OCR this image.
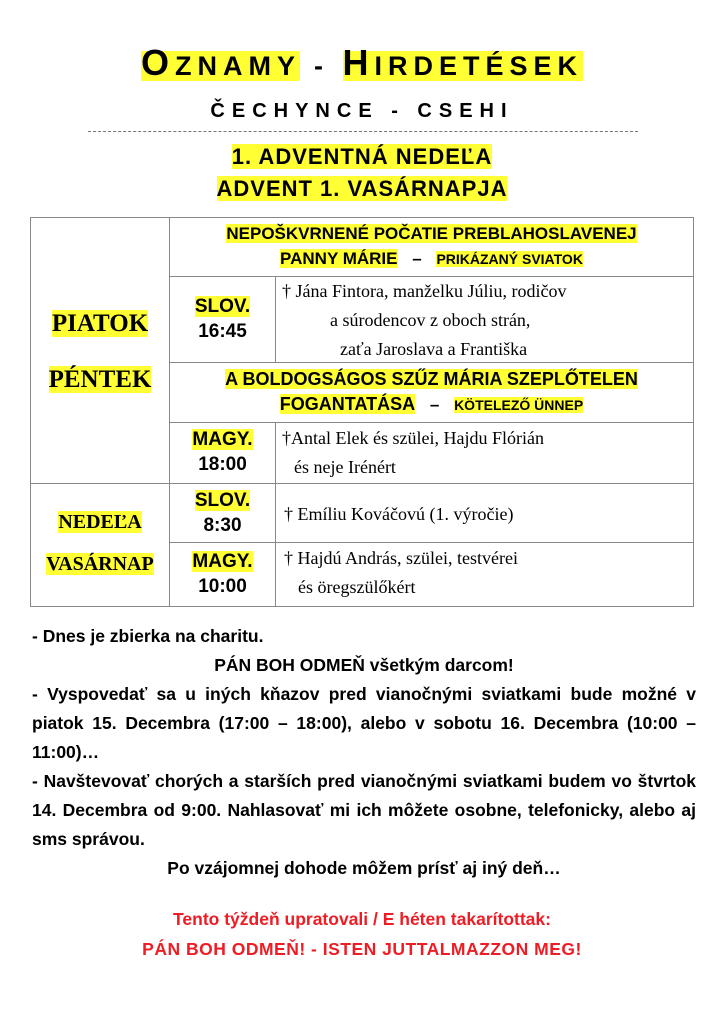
OZNAMY - HIRDETÉSEK
ČECHYNCE - CSEHI
1. ADVENTNÁ NEDEĽA
ADVENT 1. VASÁRNAPJA
PIATOK
PÉNTEK
NEDEĽA
VASÁRNAP
NEPOŠKVRNENÉ POČATIE PREBLAHOSLAVENEJ
PANNY MÁRIE – PRIKÁZANÝ SVIATOK
SLOV.
16:45
† Jána Fintora, manželku Júliu, rodičov
a súrodencov z oboch strán,
zaťa Jaroslava a Františka
A BOLDOGSÁGOS SZŰZ MÁRIA SZEPLŐTELEN
FOGANTATÁSA – KÖTELEZŐ ÜNNEP
MAGY.
18:00
†Antal Elek és szülei, Hajdu Flórián
és neje Irénért
SLOV.
8:30
† Emíliu Kováčovú (1. výročie)
MAGY.
10:00
† Hajdú András, szülei, testvérei
és öregszülőkért

- Dnes je zbierka na charitu.

PÁN BOH ODMEŇ všetkým darcom!

- Vyspovedať sa u iných kňazov pred vianočnými sviatkami bude možné v piatok 15. Decembra (17:00 – 18:00), alebo v sobotu 16. Decembra (10:00 – 11:00)…

- Navštevovať chorých a starších pred vianočnými sviatkami budem vo štvrtok 14. Decembra od 9:00. Nahlasovať mi ich môžete osobne, telefonicky, alebo aj sms správou.

Po vzájomnej dohode môžem prísť aj iný deň…

Tento týždeň upratovali / E héten takarítottak:

PÁN BOH ODMEŇ! - ISTEN JUTTALMAZZON MEG!
